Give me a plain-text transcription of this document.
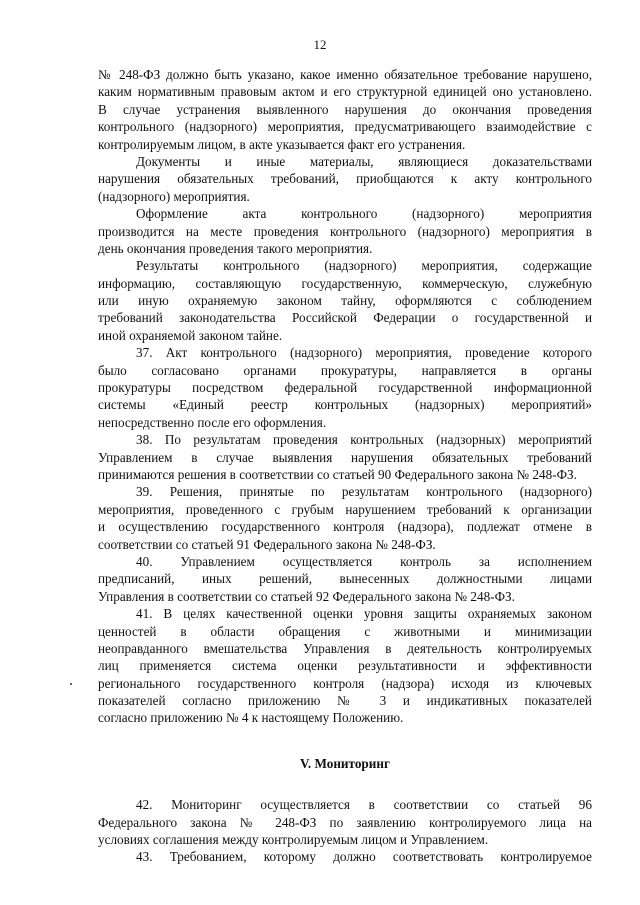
12
№ 248-ФЗ должно быть указано, какое именно обязательное требование нарушено,
каким нормативным правовым актом и его структурной единицей оно установлено.
В случае устранения выявленного нарушения до окончания проведения
контрольного (надзорного) мероприятия, предусматривающего взаимодействие с
контролируемым лицом, в акте указывается факт его устранения.
Документы и иные материалы, являющиеся доказательствами
нарушения обязательных требований, приобщаются к акту контрольного
(надзорного) мероприятия.
Оформление акта контрольного (надзорного) мероприятия
производится на месте проведения контрольного (надзорного) мероприятия в
день окончания проведения такого мероприятия.
Результаты контрольного (надзорного) мероприятия, содержащие
информацию, составляющую государственную, коммерческую, служебную
или иную охраняемую законом тайну, оформляются с соблюдением
требований законодательства Российской Федерации о государственной и
иной охраняемой законом тайне.
37. Акт контрольного (надзорного) мероприятия, проведение которого
было согласовано органами прокуратуры, направляется в органы
прокуратуры посредством федеральной государственной информационной
системы «Единый реестр контрольных (надзорных) мероприятий»
непосредственно после его оформления.
38. По результатам проведения контрольных (надзорных) мероприятий
Управлением в случае выявления нарушения обязательных требований
принимаются решения в соответствии со статьей 90 Федерального закона № 248-ФЗ.
39. Решения, принятые по результатам контрольного (надзорного)
мероприятия, проведенного с грубым нарушением требований к организации
и осуществлению государственного контроля (надзора), подлежат отмене в
соответствии со статьей 91 Федерального закона № 248-ФЗ.
40. Управлением осуществляется контроль за исполнением
предписаний, иных решений, вынесенных должностными лицами
Управления в соответствии со статьей 92 Федерального закона № 248-ФЗ.
41. В целях качественной оценки уровня защиты охраняемых законом
ценностей в области обращения с животными и минимизации
неоправданного вмешательства Управления в деятельность контролируемых
лиц применяется система оценки результативности и эффективности
регионального государственного контроля (надзора) исходя из ключевых
показателей согласно приложению № 3 и индикативных показателей
согласно приложению № 4 к настоящему Положению.
V. Мониторинг
42. Мониторинг осуществляется в соответствии со статьей 96
Федерального закона № 248-ФЗ по заявлению контролируемого лица на
условиях соглашения между контролируемым лицом и Управлением.
43. Требованием, которому должно соответствовать контролируемое
